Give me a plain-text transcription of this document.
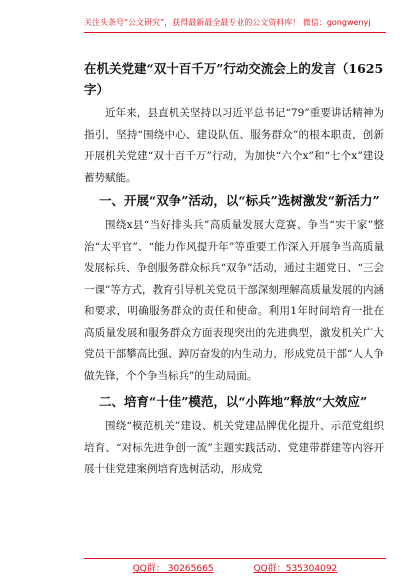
关注头条号“公文研究”，获得最新最全最专业的公文资料库！ 微信：gongwenyj
在机关党建“双十百千万”行动交流会上的发言（1625字）

近年来，县直机关坚持以习近平总书记“79”重要讲话精神为指引，坚持“围绕中心、建设队伍、服务群众”的根本职责，创新开展机关党建“双十百千万”行动，为加快“六个x”和“七个x”建设蓄势赋能。

一、开展“双争”活动，以“标兵”选树激发“新活力”

围绕x县“当好排头兵”高质量发展大竞赛、争当“实干家”整治“太平官”、“能力作风提升年”等重要工作深入开展争当高质量发展标兵、争创服务群众标兵“双争”活动，通过主题党日、“三会一课”等方式，教育引导机关党员干部深刻理解高质量发展的内涵和要求，明确服务群众的责任和使命。利用1年时间培育一批在高质量发展和服务群众方面表现突出的先进典型，激发机关广大党员干部攀高比强、踔厉奋发的内生动力，形成党员干部“人人争做先锋，个个争当标兵”的生动局面。

二、培育“十佳”模范，以“小阵地”释放“大效应”

围绕“模范机关”建设、机关党建品牌优化提升、示范党组织培育、“对标先进争创一流”主题实践活动、党建带群建等内容开展十佳党建案例培育选树活动，形成党

QQ群： 30265665	QQ群：535304092
